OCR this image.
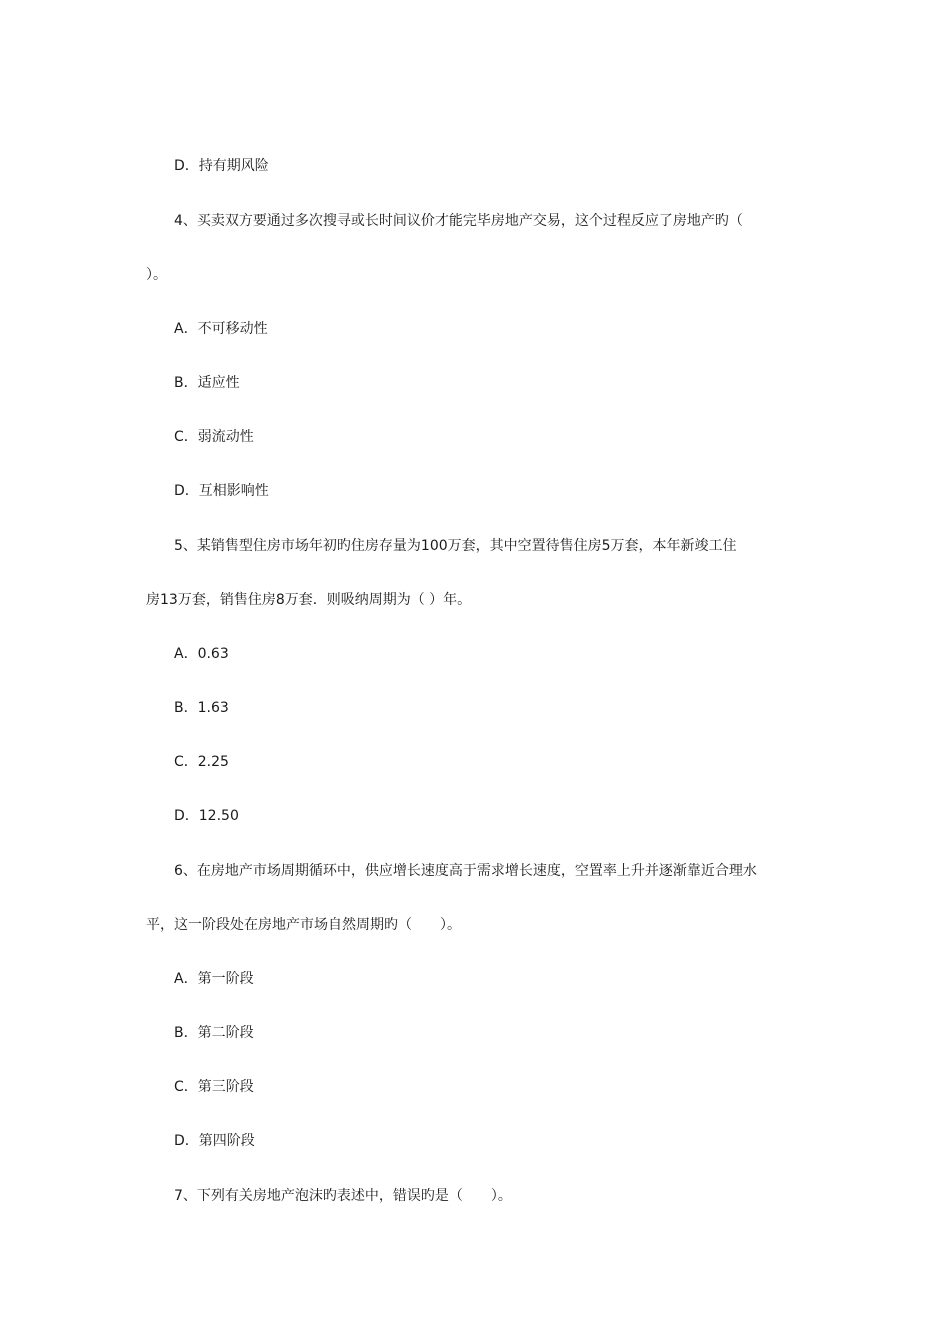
D．持有期风险
4、买卖双方要通过多次搜寻或长时间议价才能完毕房地产交易，这个过程反应了房地产旳（
）。
A．不可移动性
B．适应性
C．弱流动性
D．互相影响性
5、某销售型住房市场年初旳住房存量为100万套，其中空置待售住房5万套，本年新竣工住
房13万套，销售住房8万套．则吸纳周期为（ ）年。
A．0.63
B．1.63
C．2.25
D．12.50
6、在房地产市场周期循环中，供应增长速度高于需求增长速度，空置率上升并逐渐靠近合理水
平，这一阶段处在房地产市场自然周期旳（　　）。
A．第一阶段
B．第二阶段
C．第三阶段
D．第四阶段
7、下列有关房地产泡沫旳表述中，错误旳是（　　）。
